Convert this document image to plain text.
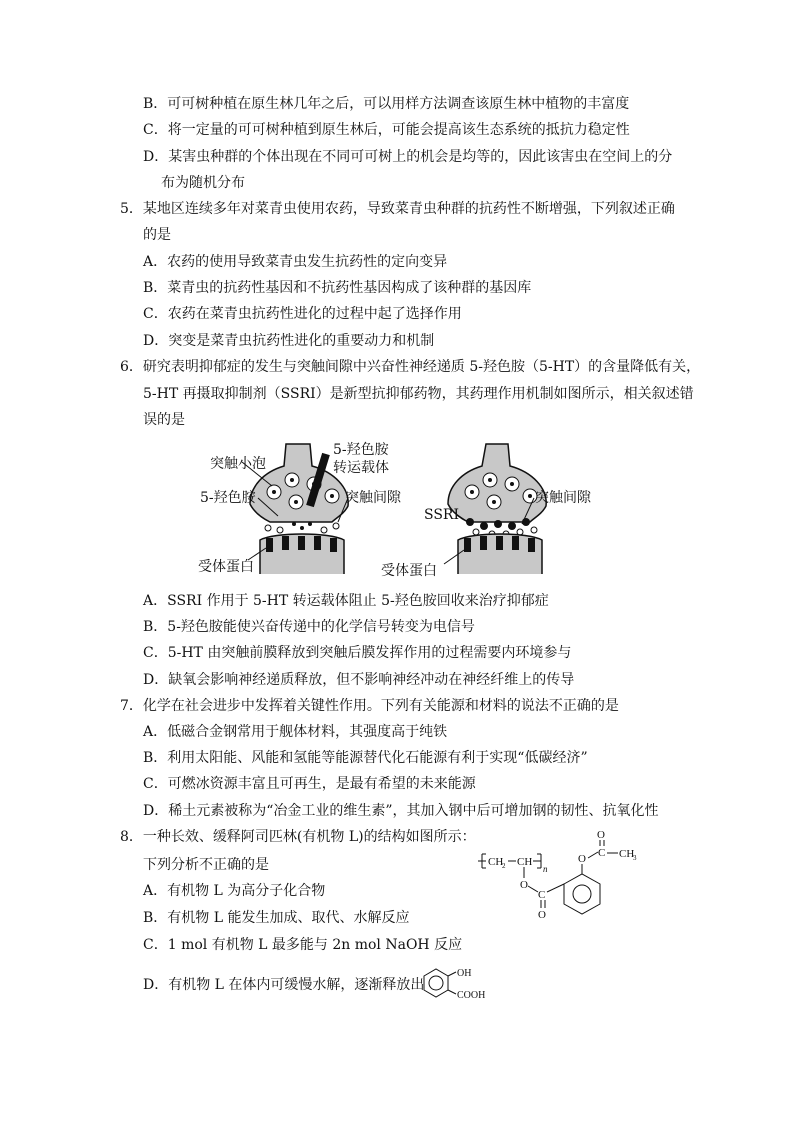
B．可可树种植在原生林几年之后，可以用样方法调查该原生林中植物的丰富度
C．将一定量的可可树种植到原生林后，可能会提高该生态系统的抵抗力稳定性
D．某害虫种群的个体出现在不同可可树上的机会是均等的，因此该害虫在空间上的分
布为随机分布
5．某地区连续多年对菜青虫使用农药，导致菜青虫种群的抗药性不断增强，下列叙述正确
的是
A．农药的使用导致菜青虫发生抗药性的定向变异
B．菜青虫的抗药性基因和不抗药性基因构成了该种群的基因库
C．农药在菜青虫抗药性进化的过程中起了选择作用
D．突变是菜青虫抗药性进化的重要动力和机制
6．研究表明抑郁症的发生与突触间隙中兴奋性神经递质 5-羟色胺（5-HT）的含量降低有关，
5-HT 再摄取抑制剂（SSRI）是新型抗抑郁药物，其药理作用机制如图所示，相关叙述错
误的是
突触小泡
5-羟色胺
转运载体
5-羟色胺	突触间隙
受体蛋白
SSRI
突触间隙
受体蛋白
A．SSRI 作用于 5-HT 转运载体阻止 5-羟色胺回收来治疗抑郁症
B．5-羟色胺能使兴奋传递中的化学信号转变为电信号
C．5-HT 由突触前膜释放到突触后膜发挥作用的过程需要内环境参与
D．缺氧会影响神经递质释放，但不影响神经冲动在神经纤维上的传导
7．化学在社会进步中发挥着关键性作用。下列有关能源和材料的说法不正确的是
A．低磁合金钢常用于舰体材料，其强度高于纯铁
B．利用太阳能、风能和氢能等能源替代化石能源有利于实现“低碳经济”
C．可燃冰资源丰富且可再生，是最有希望的未来能源
D．稀土元素被称为“冶金工业的维生素”，其加入钢中后可增加钢的韧性、抗氧化性
8．一种长效、缓释阿司匹林(有机物 L)的结构如图所示：
下列分析不正确的是
A．有机物 L 为高分子化合物
B．有机物 L 能发生加成、取代、水解反应
C．1 mol 有机物 L 最多能与 2n mol NaOH 反应
D．有机物 L 在体内可缓慢水解，逐渐释放出
CH
2 CH
n
O
C
O
O C
O
CH
3
OH
COOH
